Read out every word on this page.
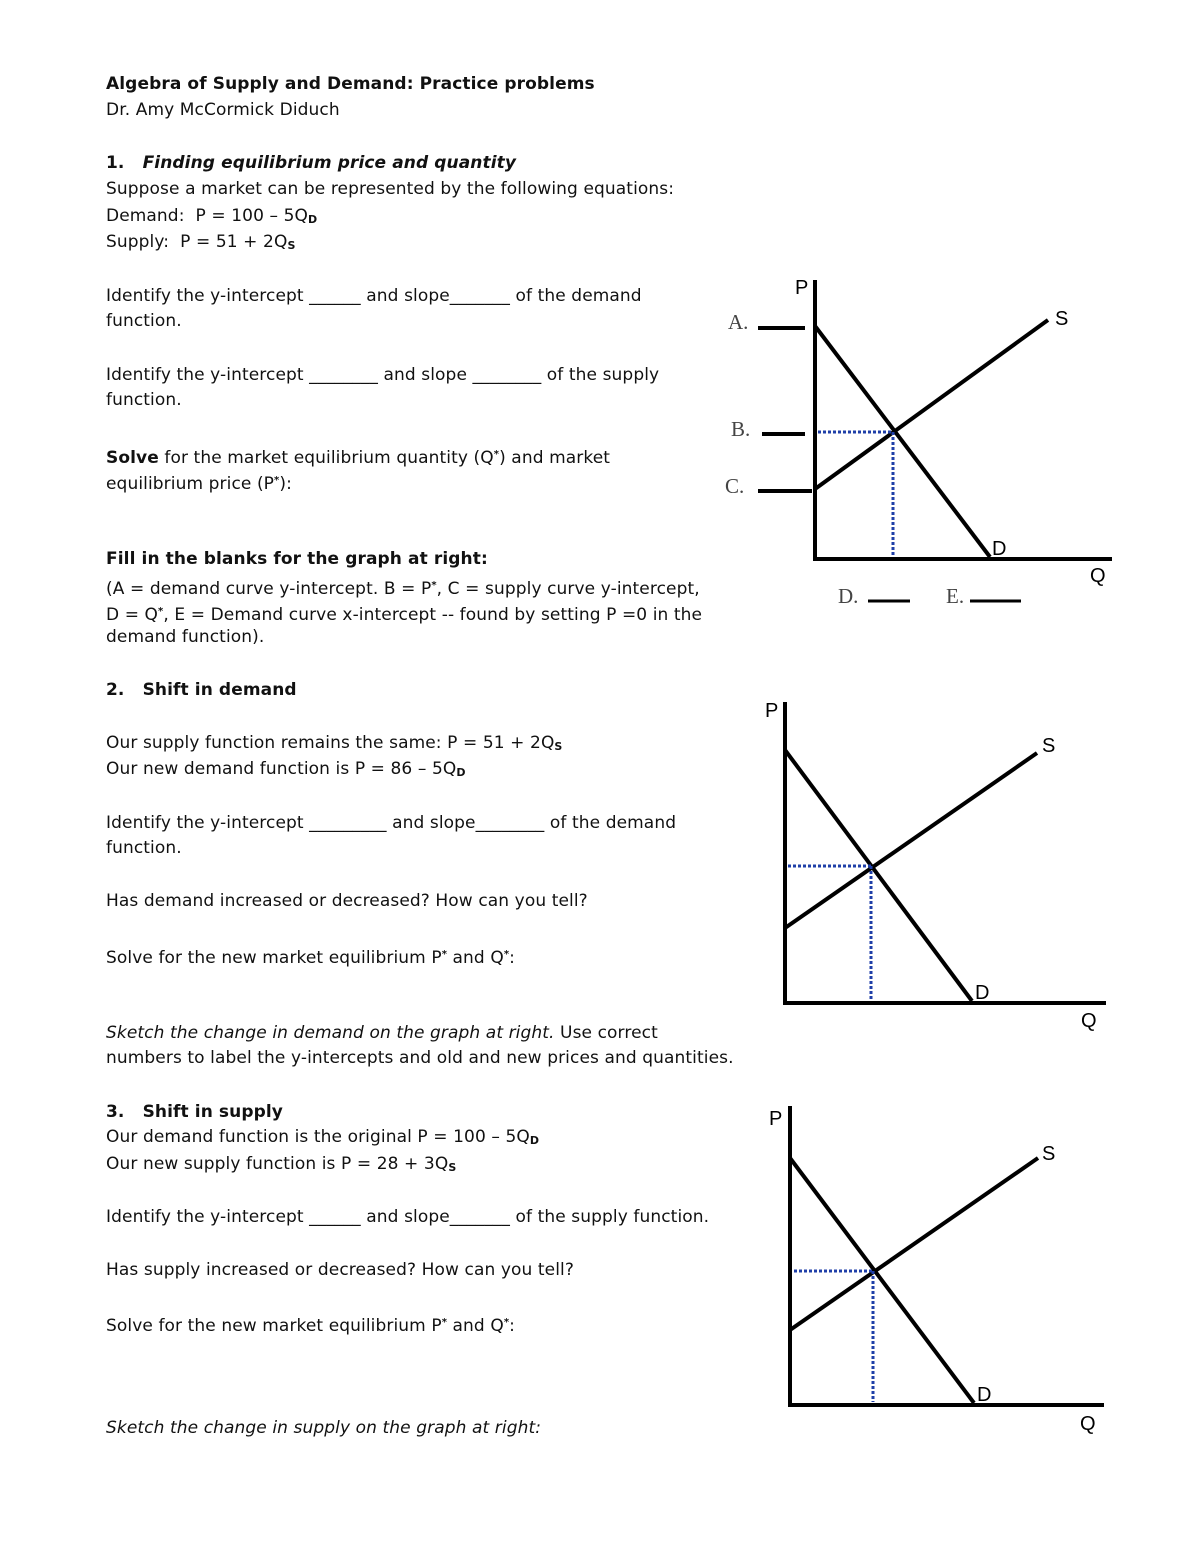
Algebra of Supply and Demand: Practice problems
Dr. Amy McCormick Diduch
1. Finding equilibrium price and quantity
Suppose a market can be represented by the following equations:
Demand: $P = 100 - 5Q_D$
Supply: $P = 51 + 2Q_S$
Identify the y-intercept ______ and slope_______ of the demand
function.
Identify the y-intercept ________ and slope ________ of the supply
function.
Solve for the market equilibrium quantity (Q*) and market
equilibrium price (P*):
Fill in the blanks for the graph at right:
(A = demand curve y-intercept. B = P*, C = supply curve y-intercept,
D = Q*, E = Demand curve x-intercept -- found by setting P =0 in the
demand function).
2. Shift in demand
Our supply function remains the same: $P = 51 + 2Q_S$
Our new demand function is $P = 86 - 5Q_D$
Identify the y-intercept _________ and slope________ of the demand
function.
Has demand increased or decreased? How can you tell?
Solve for the new market equilibrium P* and Q*:
Sketch the change in demand on the graph at right. Use correct
numbers to label the y-intercepts and old and new prices and quantities.
3. Shift in supply
Our demand function is the original $P = 100 - 5Q_D$
Our new supply function is $P = 28 + 3Q_S$
Identify the y-intercept ______ and slope_______ of the supply function.
Has supply increased or decreased? How can you tell?
Solve for the new market equilibrium P* and Q*:
Sketch the change in supply on the graph at right:
P
Q
S
D
A.
B.
C.
D.	E.
P
Q
S
D
P
Q
S
D
